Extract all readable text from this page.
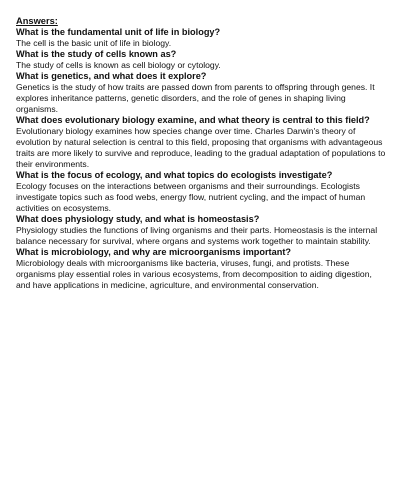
Answers:

What is the fundamental unit of life in biology?

The cell is the basic unit of life in biology.

What is the study of cells known as?

The study of cells is known as cell biology or cytology.

What is genetics, and what does it explore?

Genetics is the study of how traits are passed down from parents to offspring through genes. It explores inheritance patterns, genetic disorders, and the role of genes in shaping living organisms.

What does evolutionary biology examine, and what theory is central to this field?

Evolutionary biology examines how species change over time. Charles Darwin's theory of evolution by natural selection is central to this field, proposing that organisms with advantageous traits are more likely to survive and reproduce, leading to the gradual adaptation of populations to their environments.

What is the focus of ecology, and what topics do ecologists investigate?

Ecology focuses on the interactions between organisms and their surroundings. Ecologists investigate topics such as food webs, energy flow, nutrient cycling, and the impact of human activities on ecosystems.

What does physiology study, and what is homeostasis?

Physiology studies the functions of living organisms and their parts. Homeostasis is the internal balance necessary for survival, where organs and systems work together to maintain stability.

What is microbiology, and why are microorganisms important?

Microbiology deals with microorganisms like bacteria, viruses, fungi, and protists. These organisms play essential roles in various ecosystems, from decomposition to aiding digestion, and have applications in medicine, agriculture, and environmental conservation.
